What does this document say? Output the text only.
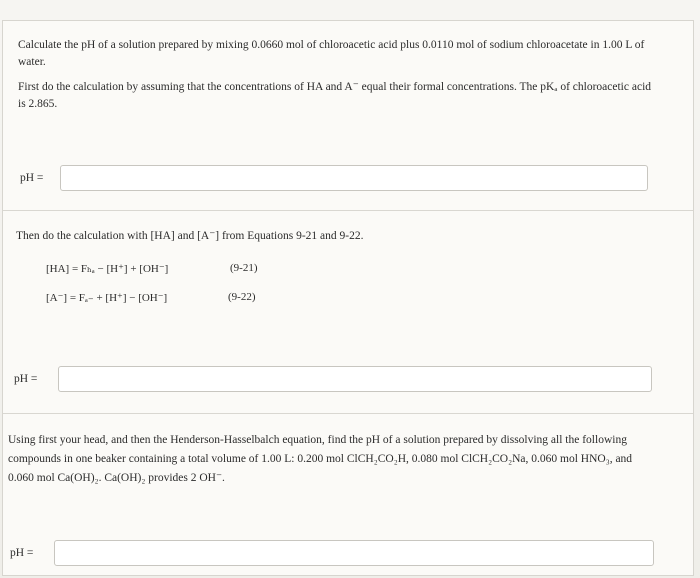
Calculate the pH of a solution prepared by mixing 0.0660 mol of chloroacetic acid plus 0.0110 mol of sodium chloroacetate in 1.00 L of water.
First do the calculation by assuming that the concentrations of HA and A⁻ equal their formal concentrations. The pKₐ of chloroacetic acid is 2.865.
pH =
Then do the calculation with [HA] and [A⁻] from Equations 9-21 and 9-22.
[HA] = Fₕₐ − [H⁺] + [OH⁻]	(9-21)
[A⁻] = Fₐ₋ + [H⁺] − [OH⁻]	(9-22)
pH =
Using first your head, and then the Henderson-Hasselbalch equation, find the pH of a solution prepared by dissolving all the following compounds in one beaker containing a total volume of 1.00 L: 0.200 mol ClCH₂CO₂H, 0.080 mol ClCH₂CO₂Na, 0.060 mol HNO₃, and 0.060 mol Ca(OH)₂. Ca(OH)₂ provides 2 OH⁻.
pH =
